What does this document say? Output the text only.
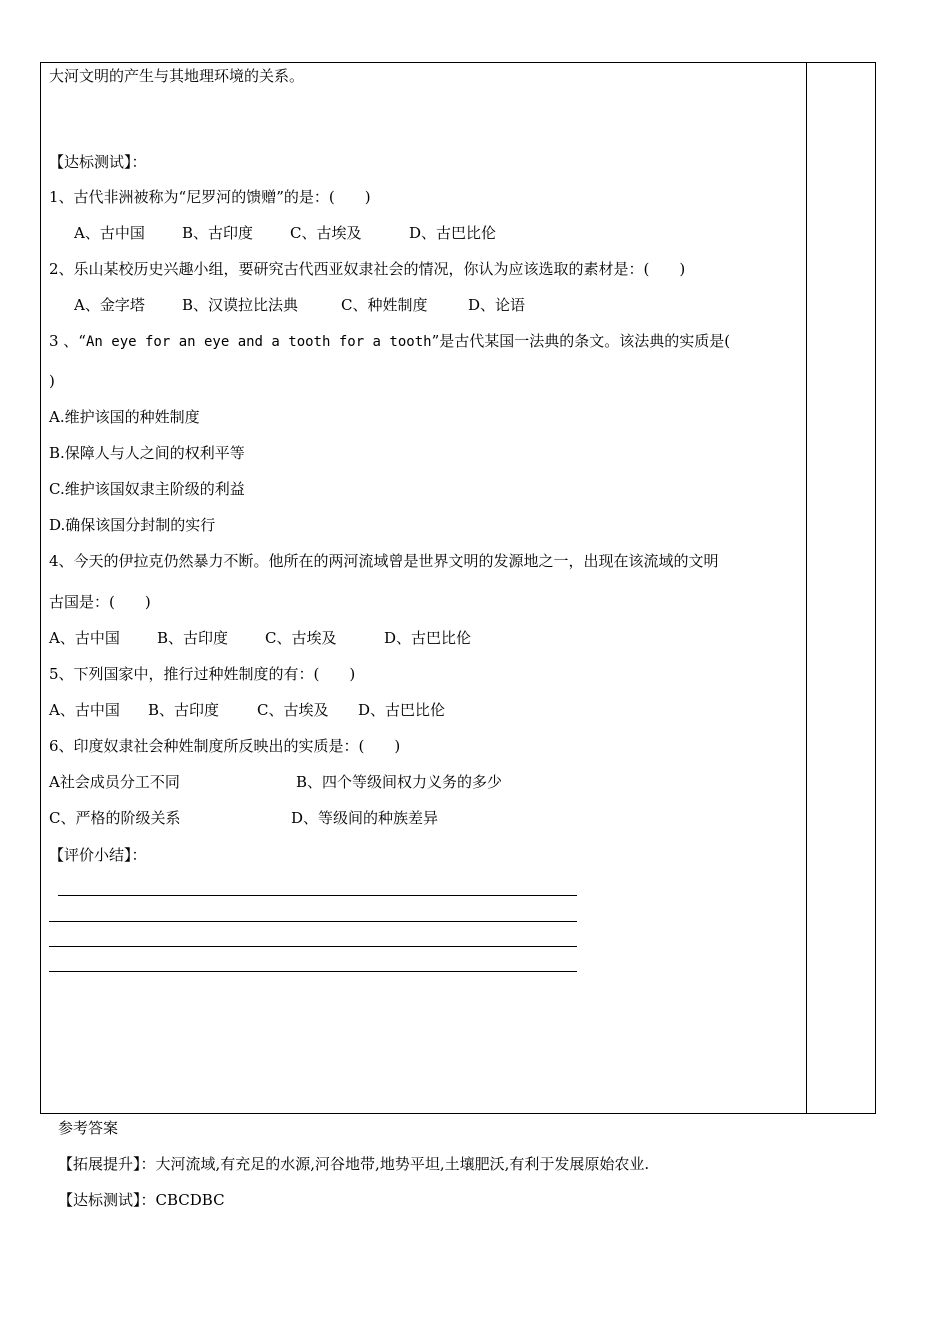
大河文明的产生与其地理环境的关系。
【达标测试】：
1、古代非洲被称为“尼罗河的馈赠”的是：(　　)
A、古中国 B、古印度 C、古埃及	D、古巴比伦
2、乐山某校历史兴趣小组，要研究古代西亚奴隶社会的情况，你认为应该选取的素材是：(　　)
A、金字塔 B、汉谟拉比法典	C、种姓制度	D、论语
3 、“An eye for an eye and a tooth for a tooth”是古代某国一法典的条文。该法典的实质是(
)
A.维护该国的种姓制度
B.保障人与人之间的权利平等
C.维护该国奴隶主阶级的利益
D.确保该国分封制的实行
4、今天的伊拉克仍然暴力不断。他所在的两河流域曾是世界文明的发源地之一，出现在该流域的文明
古国是：(　　)
A、古中国 B、古印度 C、古埃及	D、古巴比伦
5、下列国家中，推行过种姓制度的有：(　　)
A、古中国 B、古印度	C、古埃及 D、古巴比伦
6、印度奴隶社会种姓制度所反映出的实质是：(　　)
A社会成员分工不同	B、四个等级间权力义务的多少
C、严格的阶级关系	D、等级间的种族差异
【评价小结】：
参考答案
【拓展提升】：大河流域,有充足的水源,河谷地带,地势平坦,土壤肥沃,有利于发展原始农业.
【达标测试】：CBCDBC
